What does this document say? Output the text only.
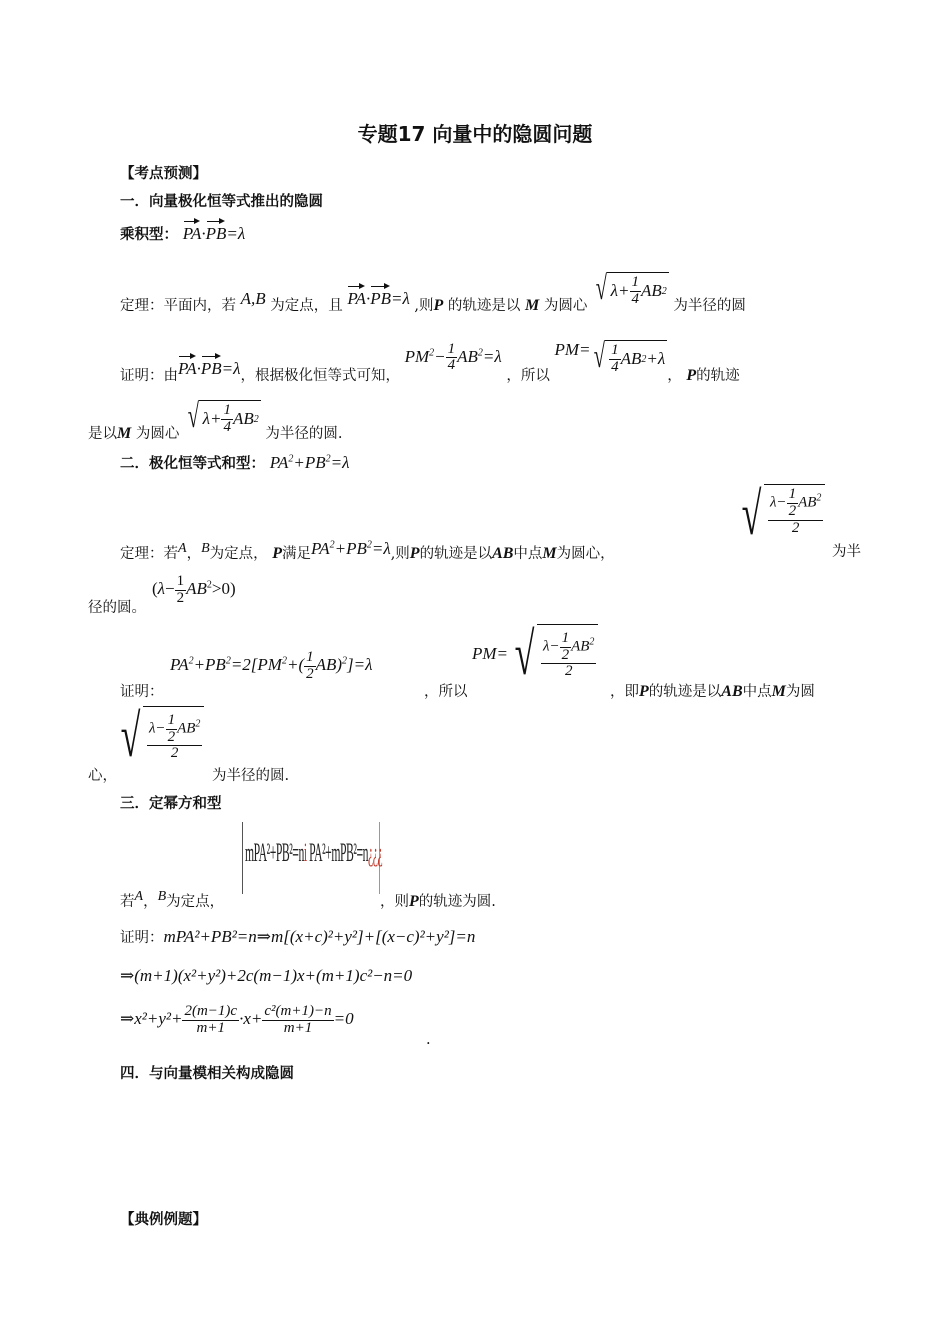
专题17 向量中的隐圆问题
【考点预测】
一．向量极化恒等式推出的隐圆
乘积型： PA·PB=λ
定理：平面内，若 A,B 为定点，且 PA·PB=λ ,则P 的轨迹是以 M 为圆心 √ $\lambda+ \frac{1}{4}$ AB 2
为半径的圆
证明：由PA·PB=λ，根据极化恒等式可知， $PM^2- \frac{1}{4} AB^2=\lambda$ ，所以 PM= √ $\frac{1}{4}$ AB 2 +λ
， P的轨迹
是以M 为圆心 √ $\lambda+ \frac{1}{4}$ AB 2
为半径的圆.
二．极化恒等式和型： $PA^2+PB^2=\lambda$
定理：若A，B为定点， P满足$PA^2+PB^2=\lambda$,则P的轨迹是以AB中点M为圆心，
√ $\frac{\lambda- \frac{1}{2} AB^2}{2}$
为半
$(\lambda- \frac{1}{2} AB^2>0)$
径的圆。
证明：
$PA^2+PB^2=2[PM^2+( \frac{1}{2} AB)^2]=\lambda$
，所以
PM= √ $\frac{\lambda- \frac{1}{2} AB^2}{2}$
，即P的轨迹是以AB中点M为圆
心，
√ $\frac{\lambda- \frac{1}{2} AB^2}{2}$
为半径的圆.
三．定幂方和型
mPA²+PB²=ni PA²+mPB²=n¿¿¿
若A，B为定点，	，则P的轨迹为圆.
证明：mPA²+PB²=n⇒m[(x+c)²+y²]+[(x−c)²+y²]=n
⇒(m+1)(x²+y²)+2c(m−1)x+(m+1)c²−n=0
⇒x²+y²+ $\frac{2(m-1)c}{m+1} \cdot x+ \frac{\text{c²(m+1)−n}}{m+1} =0$
.
四．与向量模相关构成隐圆
【典例例题】
